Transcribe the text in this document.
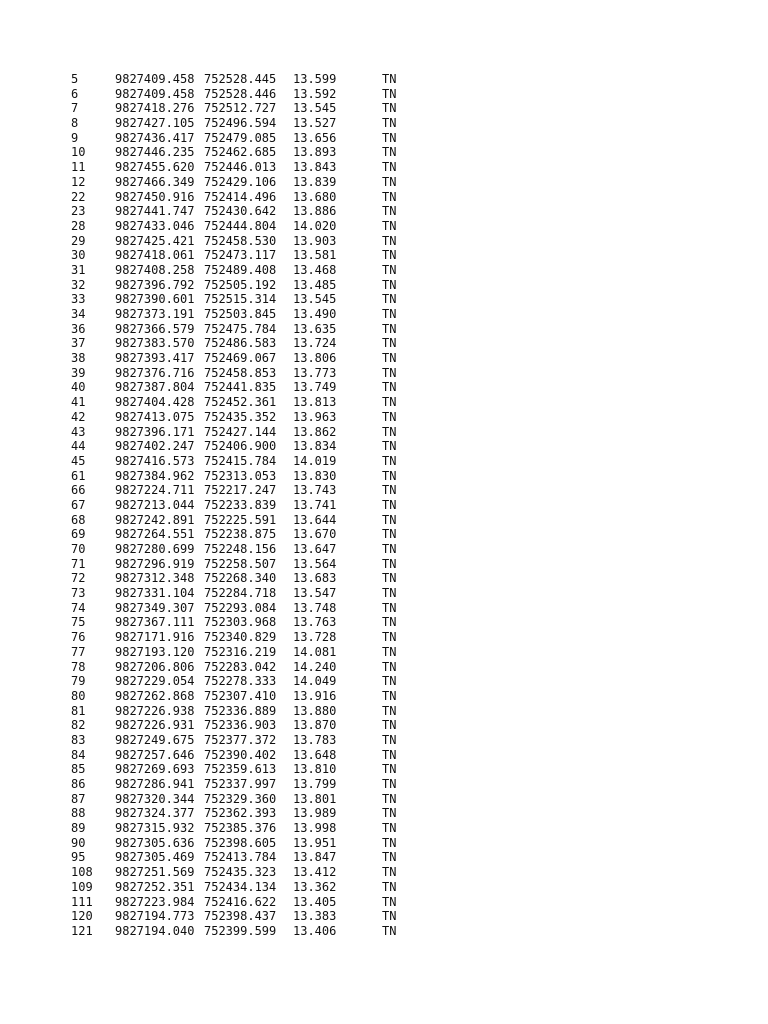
5	9827409.458 752528.445 13.599	TN
6	9827409.458 752528.446 13.592	TN
7	9827418.276 752512.727 13.545	TN
8	9827427.105 752496.594 13.527	TN
9	9827436.417 752479.085 13.656	TN
10 9827446.235 752462.685 13.893	TN
11 9827455.620 752446.013 13.843	TN
12 9827466.349 752429.106 13.839	TN
22 9827450.916 752414.496 13.680	TN
23 9827441.747 752430.642 13.886	TN
28 9827433.046 752444.804 14.020	TN
29 9827425.421 752458.530 13.903	TN
30 9827418.061 752473.117 13.581	TN
31 9827408.258 752489.408 13.468	TN
32 9827396.792 752505.192 13.485	TN
33 9827390.601 752515.314 13.545	TN
34 9827373.191 752503.845 13.490	TN
36 9827366.579 752475.784 13.635	TN
37 9827383.570 752486.583 13.724	TN
38 9827393.417 752469.067 13.806	TN
39 9827376.716 752458.853 13.773	TN
40 9827387.804 752441.835 13.749	TN
41 9827404.428 752452.361 13.813	TN
42 9827413.075 752435.352 13.963	TN
43 9827396.171 752427.144 13.862	TN
44 9827402.247 752406.900 13.834	TN
45 9827416.573 752415.784 14.019	TN
61 9827384.962 752313.053 13.830	TN
66 9827224.711 752217.247 13.743	TN
67 9827213.044 752233.839 13.741	TN
68 9827242.891 752225.591 13.644	TN
69 9827264.551 752238.875 13.670	TN
70 9827280.699 752248.156 13.647	TN
71 9827296.919 752258.507 13.564	TN
72 9827312.348 752268.340 13.683	TN
73 9827331.104 752284.718 13.547	TN
74 9827349.307 752293.084 13.748	TN
75 9827367.111 752303.968 13.763	TN
76 9827171.916 752340.829 13.728	TN
77 9827193.120 752316.219 14.081	TN
78 9827206.806 752283.042 14.240	TN
79 9827229.054 752278.333 14.049	TN
80 9827262.868 752307.410 13.916	TN
81 9827226.938 752336.889 13.880	TN
82 9827226.931 752336.903 13.870	TN
83 9827249.675 752377.372 13.783	TN
84 9827257.646 752390.402 13.648	TN
85 9827269.693 752359.613 13.810	TN
86 9827286.941 752337.997 13.799	TN
87 9827320.344 752329.360 13.801	TN
88 9827324.377 752362.393 13.989	TN
89 9827315.932 752385.376 13.998	TN
90 9827305.636 752398.605 13.951	TN
95 9827305.469 752413.784 13.847	TN
108 9827251.569 752435.323 13.412	TN
109 9827252.351 752434.134 13.362	TN
111 9827223.984 752416.622 13.405	TN
120 9827194.773 752398.437 13.383	TN
121 9827194.040 752399.599 13.406	TN
